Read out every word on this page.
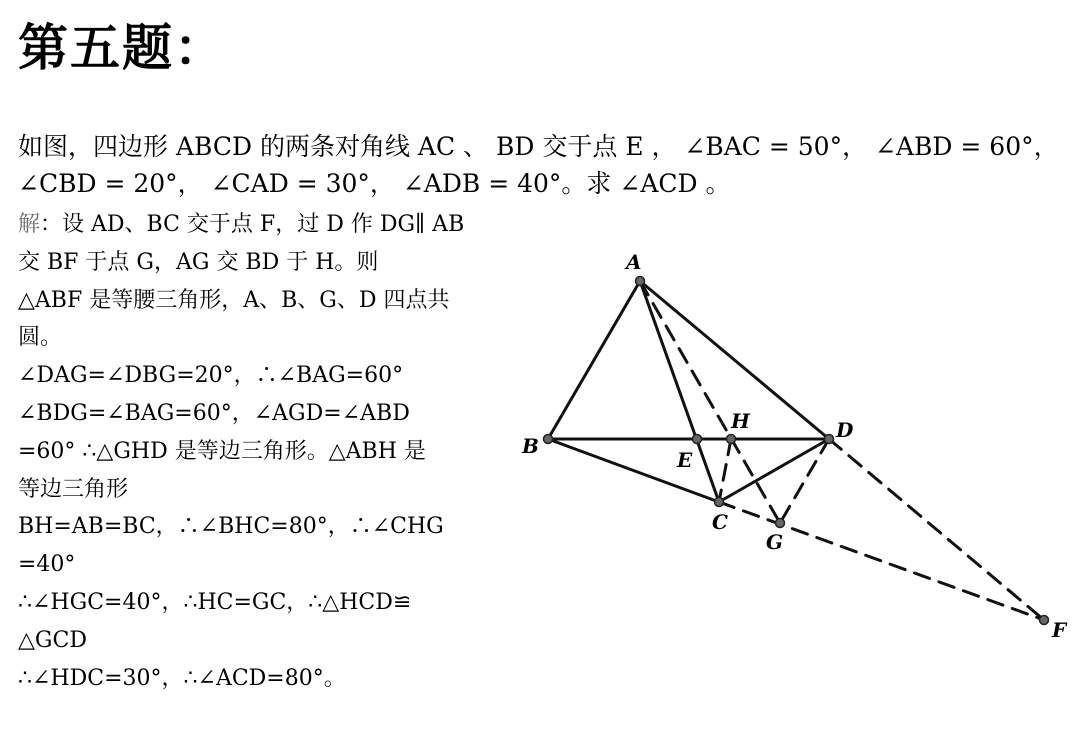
第五题：
如图，四边形 ABCD 的两条对角线 AC 、 BD 交于点 E ， ∠BAC = 50°， ∠ABD = 60°，
∠CBD = 20°， ∠CAD = 30°， ∠ADB = 40°。求 ∠ACD 。
解：设 AD、BC 交于点 F，过 D 作 DG∥ AB
交 BF 于点 G，AG 交 BD 于 H。则
△ABF 是等腰三角形，A、B、G、D 四点共
圆。
∠DAG=∠DBG=20°，∴∠BAG=60°
∠BDG=∠BAG=60°，∠AGD=∠ABD
=60° ∴△GHD 是等边三角形。△ABH 是
等边三角形
BH=AB=BC，∴∠BHC=80°，∴∠CHG
=40°
∴∠HGC=40°，∴HC=GC，∴△HCD≌
△GCD
∴∠HDC=30°，∴∠ACD=80°。
A
B
C
D
E
F
G
H
